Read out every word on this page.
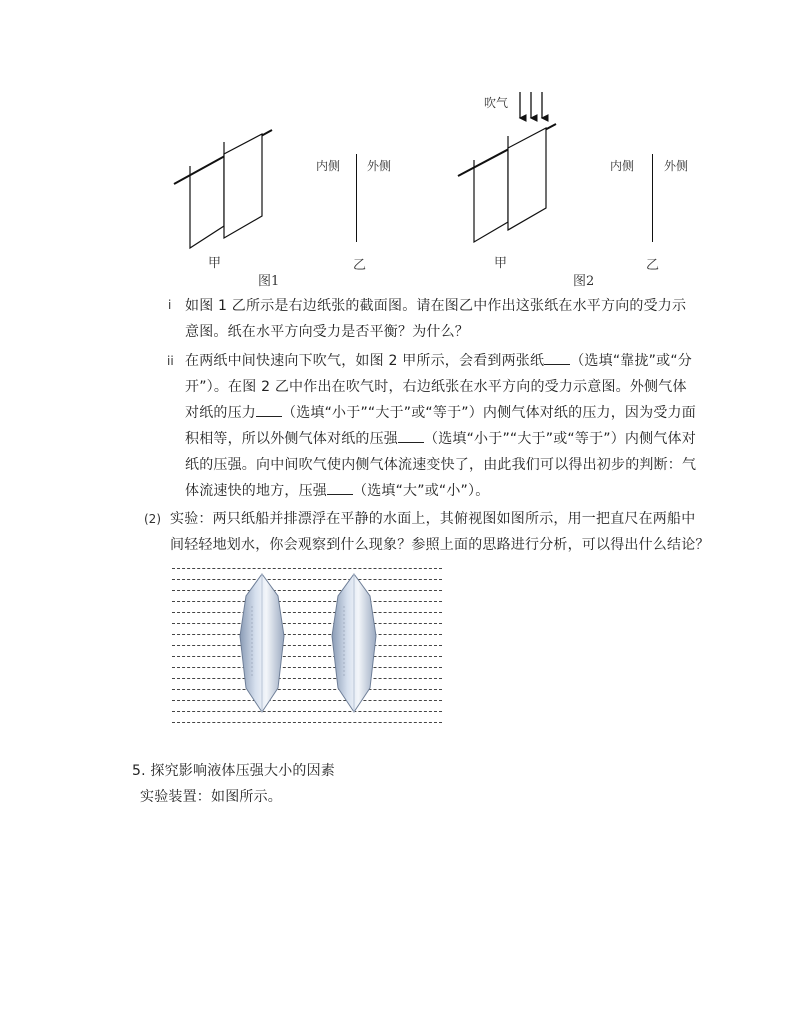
甲
图1
内侧 外侧
乙
吹气
甲
图2
内侧 外侧
乙
i 如图 1 乙所示是右边纸张的截面图。请在图乙中作出这张纸在水平方向的受力示

意图。纸在水平方向受力是否平衡？为什么？

ii 在两纸中间快速向下吹气，如图 2 甲所示，会看到两张纸 （选填“靠拢”或“分

开”）。在图 2 乙中作出在吹气时，右边纸张在水平方向的受力示意图。外侧气体

对纸的压力 （选填“小于”“大于”或“等于”）内侧气体对纸的压力，因为受力面

积相等，所以外侧气体对纸的压强 （选填“小于”“大于”或“等于”）内侧气体对

纸的压强。向中间吹气使内侧气体流速变快了，由此我们可以得出初步的判断：气

体流速快的地方，压强 （选填“大”或“小”）。

(2) 实验：两只纸船并排漂浮在平静的水面上，其俯视图如图所示，用一把直尺在两船中

间轻轻地划水，你会观察到什么现象？参照上面的思路进行分析，可以得出什么结论？

5. 探究影响液体压强大小的因素

实验装置：如图所示。
